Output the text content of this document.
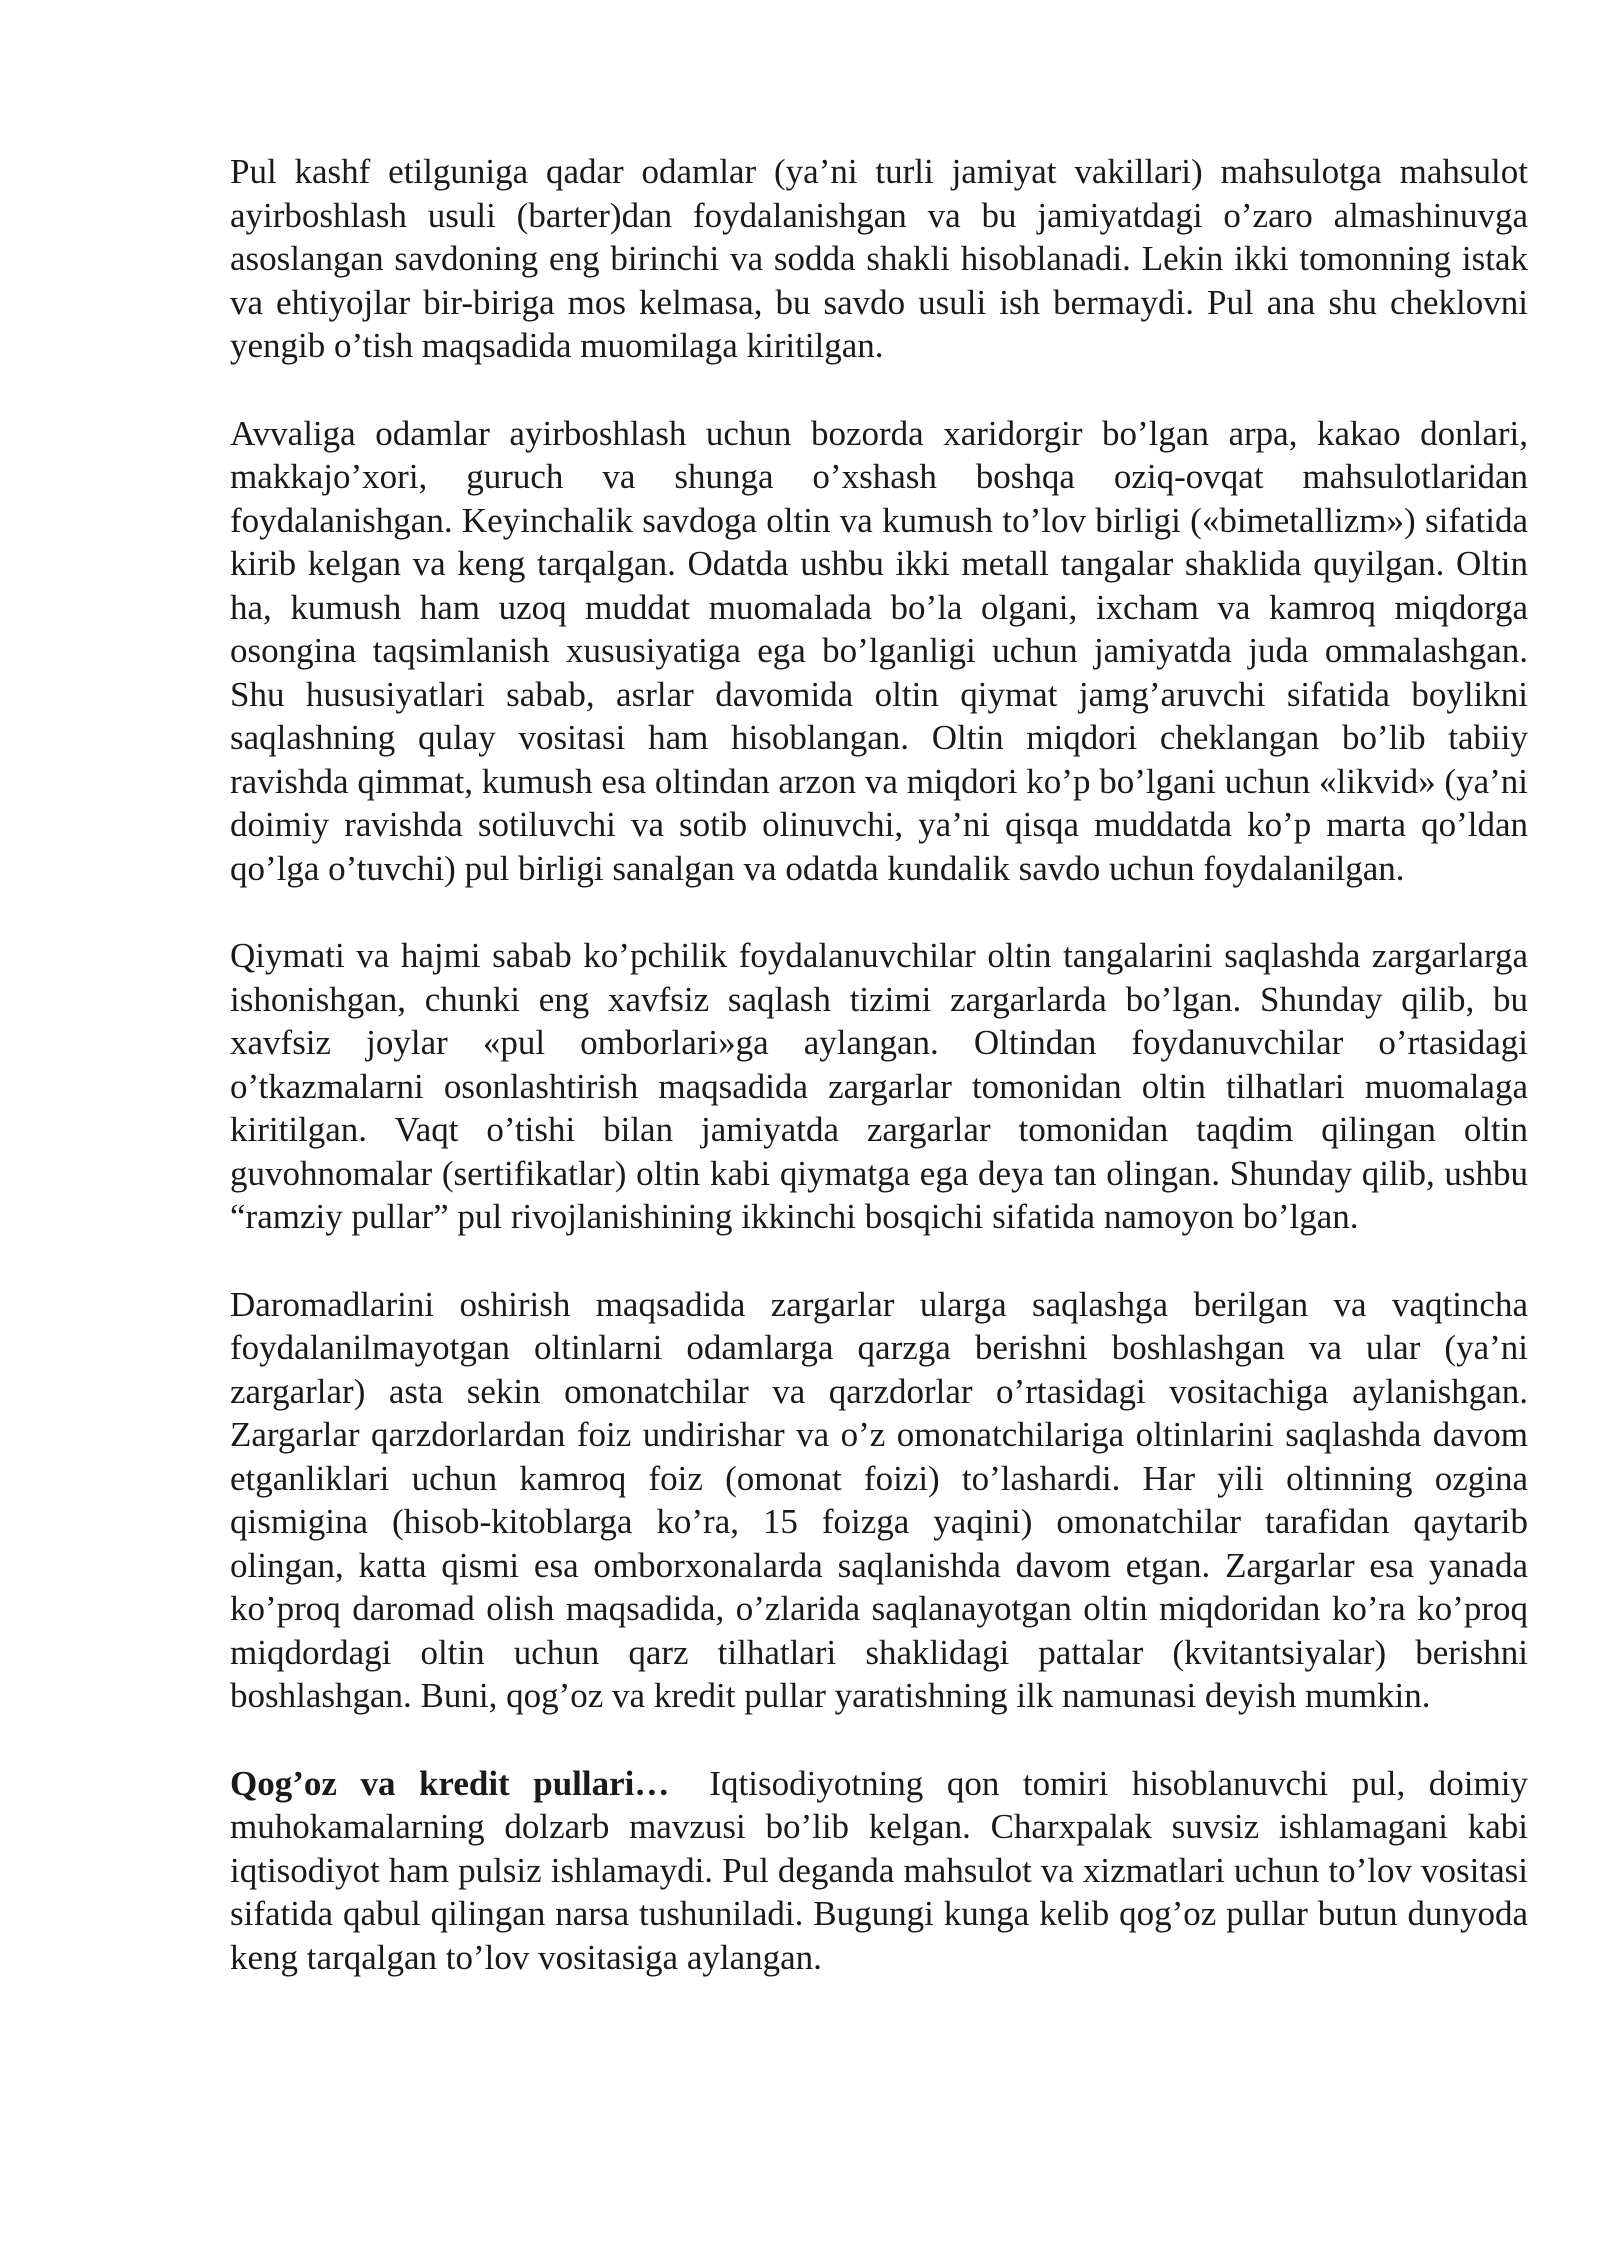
Pul kashf etilguniga qadar odamlar (ya’ni turli jamiyat vakillari) mahsulotga mahsulot ayirboshlash usuli (barter)dan foydalanishgan va bu jamiyatdagi o’zaro almashinuvga asoslangan savdoning eng birinchi va sodda shakli hisoblanadi. Lekin ikki tomonning istak va ehtiyojlar bir-biriga mos kelmasa, bu savdo usuli ish bermaydi. Pul ana shu cheklovni yengib o’tish maqsadida muomilaga kiritilgan.

Avvaliga odamlar ayirboshlash uchun bozorda xaridorgir bo’lgan arpa, kakao donlari, makkajo’xori, guruch va shunga o’xshash boshqa oziq-ovqat mahsulotlaridan foydalanishgan. Keyinchalik savdoga oltin va kumush to’lov birligi («bimetallizm») sifatida kirib kelgan va keng tarqalgan. Odatda ushbu ikki metall tangalar shaklida quyilgan. Oltin ha, kumush ham uzoq muddat muomalada bo’la olgani, ixcham va kamroq miqdorga osongina taqsimlanish xususiyatiga ega bo’lganligi uchun jamiyatda juda ommalashgan. Shu hususiyatlari sabab, asrlar davomida oltin qiymat jamg’aruvchi sifatida boylikni saqlashning qulay vositasi ham hisoblangan. Oltin miqdori cheklangan bo’lib tabiiy ravishda qimmat, kumush esa oltindan arzon va miqdori ko’p bo’lgani uchun «likvid» (ya’ni doimiy ravishda sotiluvchi va sotib olinuvchi, ya’ni qisqa muddatda ko’p marta qo’ldan qo’lga o’tuvchi) pul birligi sanalgan va odatda kundalik savdo uchun foydalanilgan.

Qiymati va hajmi sabab ko’pchilik foydalanuvchilar oltin tangalarini saqlashda zargarlarga ishonishgan, chunki eng xavfsiz saqlash tizimi zargarlarda bo’lgan. Shunday qilib, bu xavfsiz joylar «pul omborlari»ga aylangan. Oltindan foydanuvchilar o’rtasidagi o’tkazmalarni osonlashtirish maqsadida zargarlar tomonidan oltin tilhatlari muomalaga kiritilgan. Vaqt o’tishi bilan jamiyatda zargarlar tomonidan taqdim qilingan oltin guvohnomalar (sertifikatlar) oltin kabi qiymatga ega deya tan olingan. Shunday qilib, ushbu “ramziy pullar” pul rivojlanishining ikkinchi bosqichi sifatida namoyon bo’lgan.

Daromadlarini oshirish maqsadida zargarlar ularga saqlashga berilgan va vaqtincha foydalanilmayotgan oltinlarni odamlarga qarzga berishni boshlashgan va ular (ya’ni zargarlar) asta sekin omonatchilar va qarzdorlar o’rtasidagi vositachiga aylanishgan. Zargarlar qarzdorlardan foiz undirishar va o’z omonatchilariga oltinlarini saqlashda davom etganliklari uchun kamroq foiz (omonat foizi) to’lashardi. Har yili oltinning ozgina qismigina (hisob-kitoblarga ko’ra, 15 foizga yaqini) omonatchilar tarafidan qaytarib olingan, katta qismi esa omborxonalarda saqlanishda davom etgan. Zargarlar esa yanada ko’proq daromad olish maqsadida, o’zlarida saqlanayotgan oltin miqdoridan ko’ra ko’proq miqdordagi oltin uchun qarz tilhatlari shaklidagi pattalar (kvitantsiyalar) berishni boshlashgan. Buni, qog’oz va kredit pullar yaratishning ilk namunasi deyish mumkin.

Qog’oz va kredit pullari… Iqtisodiyotning qon tomiri hisoblanuvchi pul, doimiy muhokamalarning dolzarb mavzusi bo’lib kelgan. Charxpalak suvsiz ishlamagani kabi iqtisodiyot ham pulsiz ishlamaydi. Pul deganda mahsulot va xizmatlari uchun to’lov vositasi sifatida qabul qilingan narsa tushuniladi. Bugungi kunga kelib qog’oz pullar butun dunyoda keng tarqalgan to’lov vositasiga aylangan.
